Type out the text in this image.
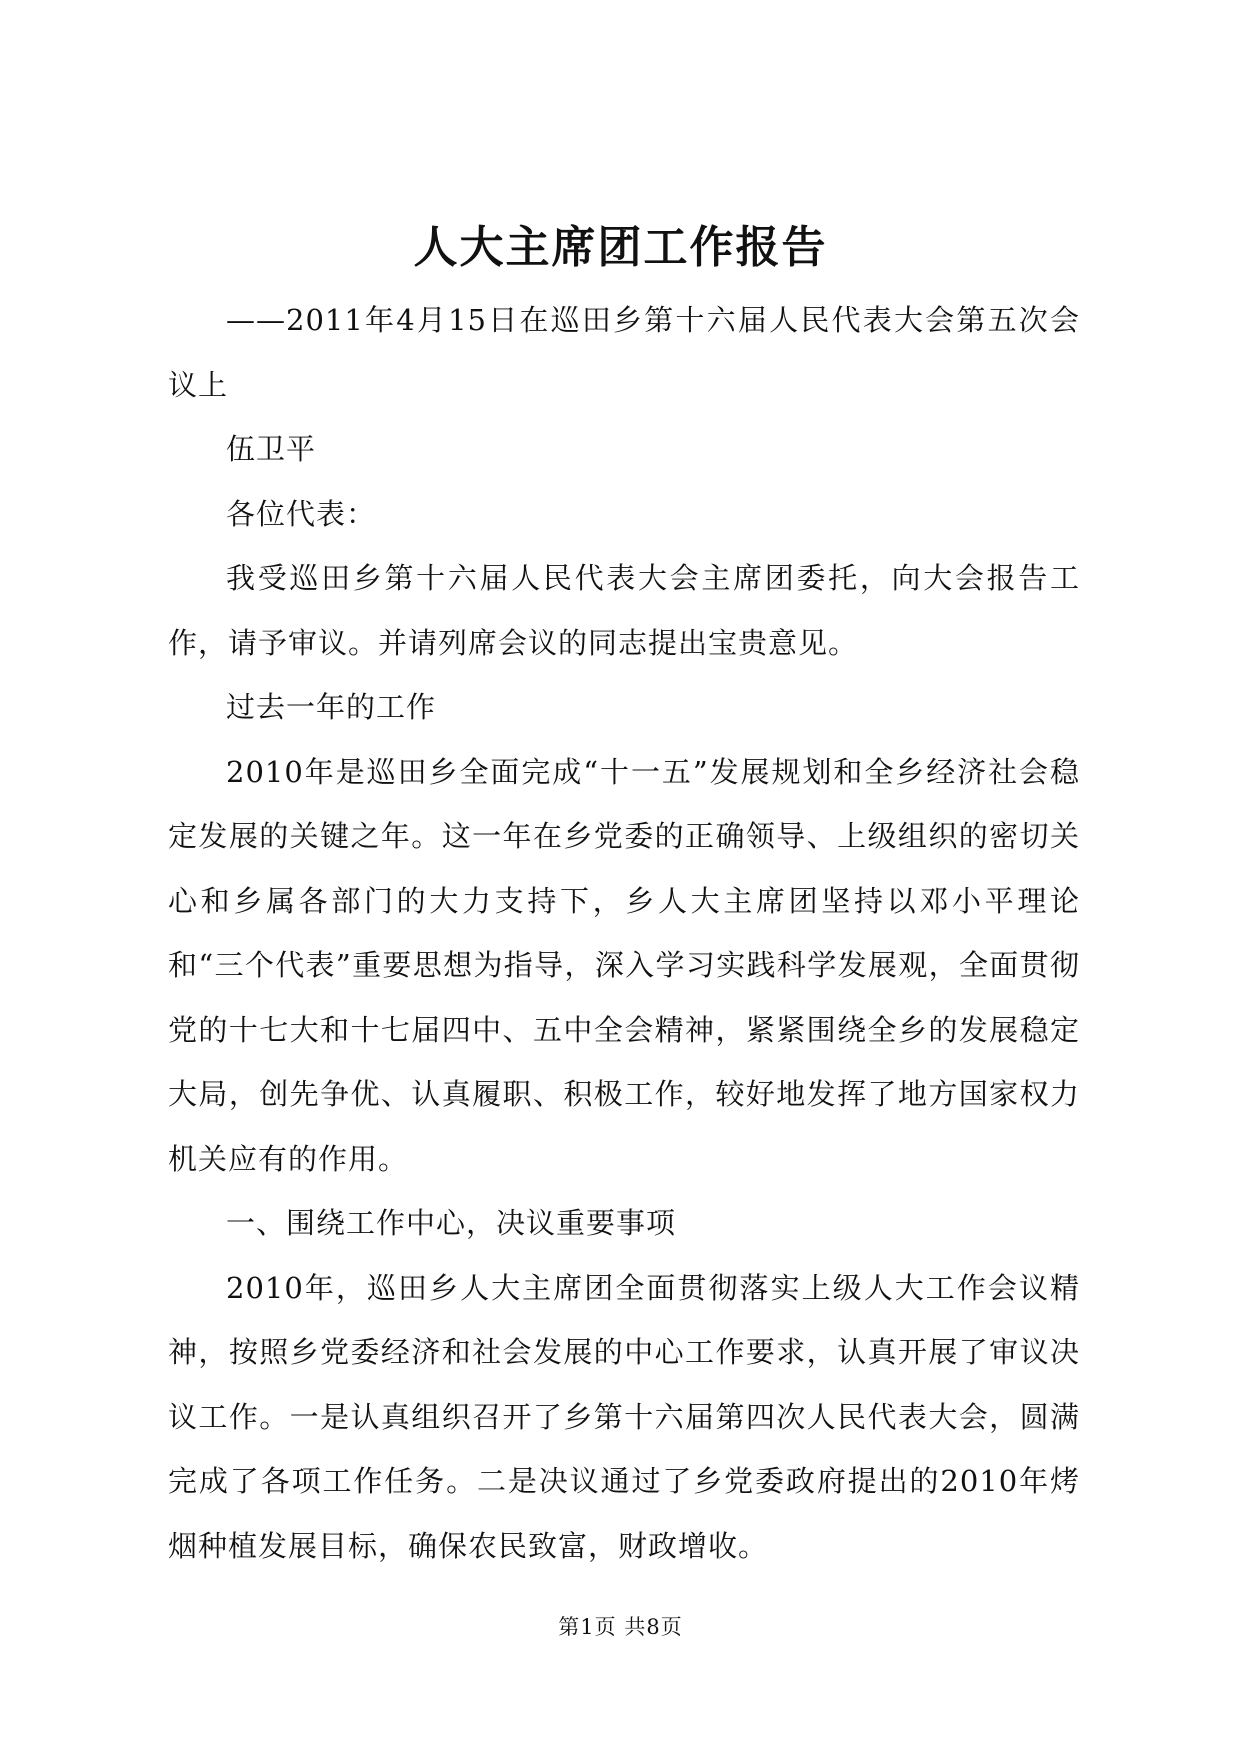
人大主席团工作报告

——2011年4月15日在巡田乡第十六届人民代表大会第五次会议上

伍卫平

各位代表：

我受巡田乡第十六届人民代表大会主席团委托，向大会报告工作，请予审议。并请列席会议的同志提出宝贵意见。

过去一年的工作

2010年是巡田乡全面完成“十一五”发展规划和全乡经济社会稳定发展的关键之年。这一年在乡党委的正确领导、上级组织的密切关心和乡属各部门的大力支持下，乡人大主席团坚持以邓小平理论和“三个代表”重要思想为指导，深入学习实践科学发展观，全面贯彻党的十七大和十七届四中、五中全会精神，紧紧围绕全乡的发展稳定大局，创先争优、认真履职、积极工作，较好地发挥了地方国家权力机关应有的作用。

一、围绕工作中心，决议重要事项

2010年，巡田乡人大主席团全面贯彻落实上级人大工作会议精神，按照乡党委经济和社会发展的中心工作要求，认真开展了审议决议工作。一是认真组织召开了乡第十六届第四次人民代表大会，圆满完成了各项工作任务。二是决议通过了乡党委政府提出的2010年烤烟种植发展目标，确保农民致富，财政增收。

第1页 共8页
